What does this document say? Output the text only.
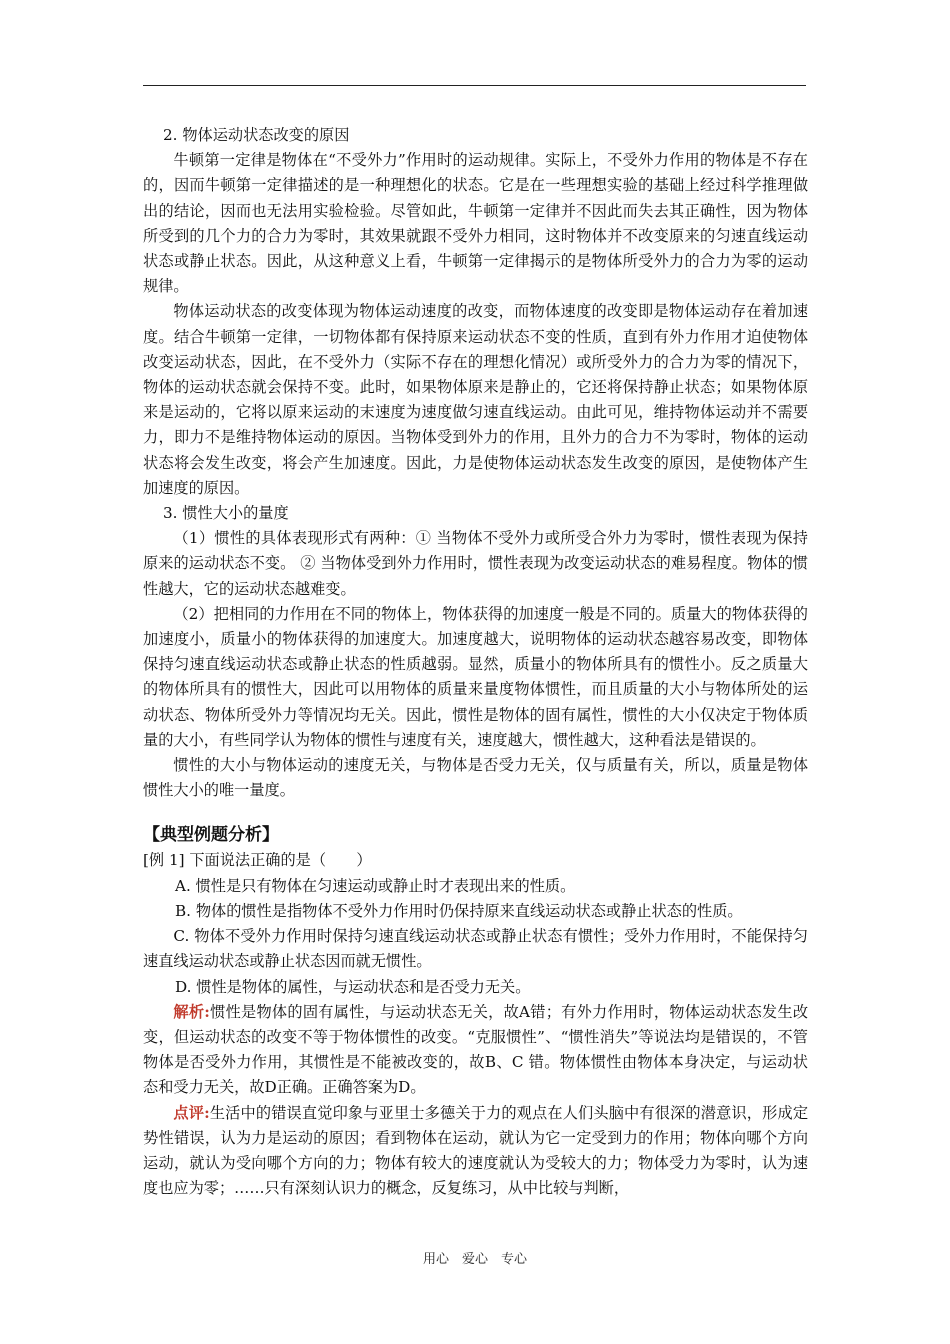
2. 物体运动状态改变的原因

牛顿第一定律是物体在“不受外力”作用时的运动规律。实际上，不受外力作用的物体是不存在的，因而牛顿第一定律描述的是一种理想化的状态。它是在一些理想实验的基础上经过科学推理做出的结论，因而也无法用实验检验。尽管如此，牛顿第一定律并不因此而失去其正确性，因为物体所受到的几个力的合力为零时，其效果就跟不受外力相同，这时物体并不改变原来的匀速直线运动状态或静止状态。因此，从这种意义上看，牛顿第一定律揭示的是物体所受外力的合力为零的运动规律。

物体运动状态的改变体现为物体运动速度的改变，而物体速度的改变即是物体运动存在着加速度。结合牛顿第一定律，一切物体都有保持原来运动状态不变的性质，直到有外力作用才迫使物体改变运动状态，因此，在不受外力（实际不存在的理想化情况）或所受外力的合力为零的情况下，物体的运动状态就会保持不变。此时，如果物体原来是静止的，它还将保持静止状态；如果物体原来是运动的，它将以原来运动的末速度为速度做匀速直线运动。由此可见，维持物体运动并不需要力，即力不是维持物体运动的原因。当物体受到外力的作用，且外力的合力不为零时，物体的运动状态将会发生改变，将会产生加速度。因此，力是使物体运动状态发生改变的原因，是使物体产生加速度的原因。

3. 惯性大小的量度

（1）惯性的具体表现形式有两种：① 当物体不受外力或所受合外力为零时，惯性表现为保持原来的运动状态不变。 ② 当物体受到外力作用时，惯性表现为改变运动状态的难易程度。物体的惯性越大，它的运动状态越难变。

（2）把相同的力作用在不同的物体上，物体获得的加速度一般是不同的。质量大的物体获得的加速度小，质量小的物体获得的加速度大。加速度越大，说明物体的运动状态越容易改变，即物体保持匀速直线运动状态或静止状态的性质越弱。显然，质量小的物体所具有的惯性小。反之质量大的物体所具有的惯性大，因此可以用物体的质量来量度物体惯性，而且质量的大小与物体所处的运动状态、物体所受外力等情况均无关。因此，惯性是物体的固有属性，惯性的大小仅决定于物体质量的大小，有些同学认为物体的惯性与速度有关，速度越大，惯性越大，这种看法是错误的。

惯性的大小与物体运动的速度无关，与物体是否受力无关，仅与质量有关，所以，质量是物体惯性大小的唯一量度。

【典型例题分析】

[例 1] 下面说法正确的是（　　）

A. 惯性是只有物体在匀速运动或静止时才表现出来的性质。

B. 物体的惯性是指物体不受外力作用时仍保持原来直线运动状态或静止状态的性质。

C. 物体不受外力作用时保持匀速直线运动状态或静止状态有惯性；受外力作用时，不能保持匀速直线运动状态或静止状态因而就无惯性。

D. 惯性是物体的属性，与运动状态和是否受力无关。

解析:惯性是物体的固有属性，与运动状态无关，故A错；有外力作用时，物体运动状态发生改变，但运动状态的改变不等于物体惯性的改变。“克服惯性”、“惯性消失”等说法均是错误的，不管物体是否受外力作用，其惯性是不能被改变的，故B、C 错。物体惯性由物体本身决定，与运动状态和受力无关，故D正确。正确答案为D。

点评:生活中的错误直觉印象与亚里士多德关于力的观点在人们头脑中有很深的潜意识，形成定势性错误，认为力是运动的原因；看到物体在运动，就认为它一定受到力的作用；物体向哪个方向运动，就认为受向哪个方向的力；物体有较大的速度就认为受较大的力；物体受力为零时，认为速度也应为零；……只有深刻认识力的概念，反复练习，从中比较与判断，

用心　爱心　专心
